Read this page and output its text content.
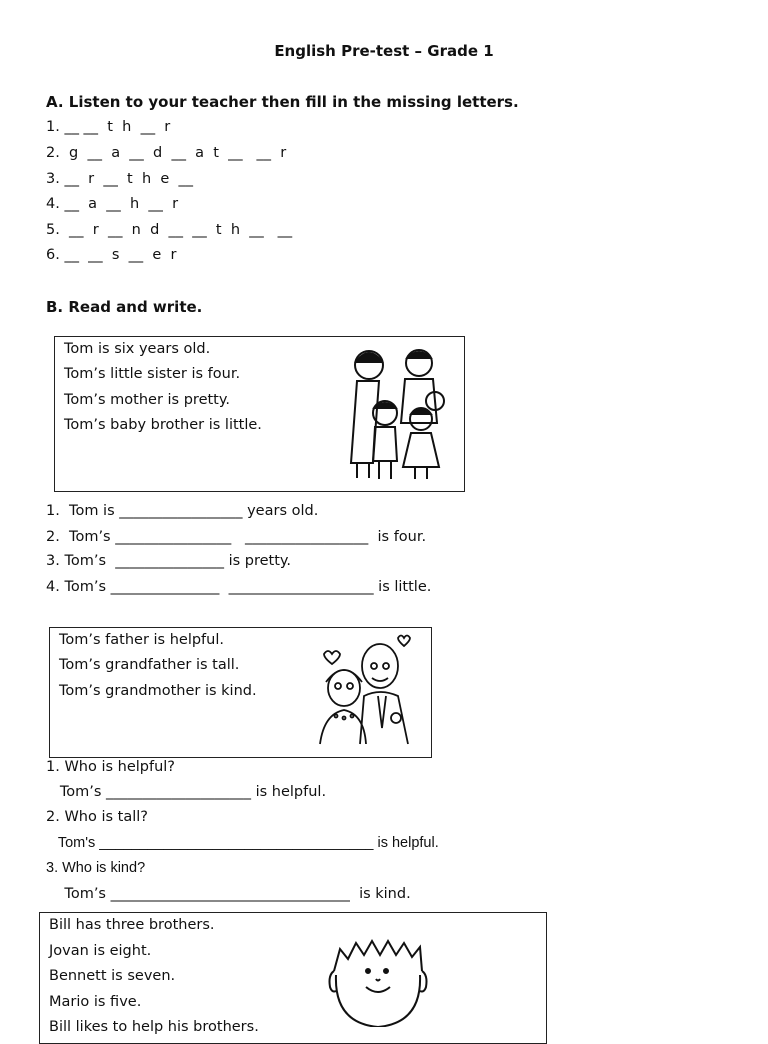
English Pre-test – Grade 1
A. Listen to your teacher then fill in the missing letters.
1. __ __  t  h  __  r
2.  g  __  a  __  d  __  a  t  __   __  r
3. __  r  __  t  h  e  __
4. __  a  __  h  __  r
5.  __  r  __  n  d  __  __  t  h  __   __
6. __  __  s  __  e  r
B. Read and write.
Tom is six years old.
Tom’s little sister is four.
Tom’s mother is pretty.
Tom’s baby brother is little.
1.  Tom is _________________ years old.
2.  Tom’s ________________   _________________  is four.
3. Tom’s  _______________ is pretty.
4. Tom’s _______________  ____________________ is little.
Tom’s father is helpful.
Tom’s grandfather is tall.
Tom’s grandmother is kind.
1. Who is helpful?
Tom’s ____________________ is helpful.
2. Who is tall?
Tom's __________________________________ is helpful.
3. Who is kind?
Tom’s _________________________________  is kind.
Bill has three brothers.
Jovan is eight.
Bennett is seven.
Mario is five.
Bill likes to help his brothers.
